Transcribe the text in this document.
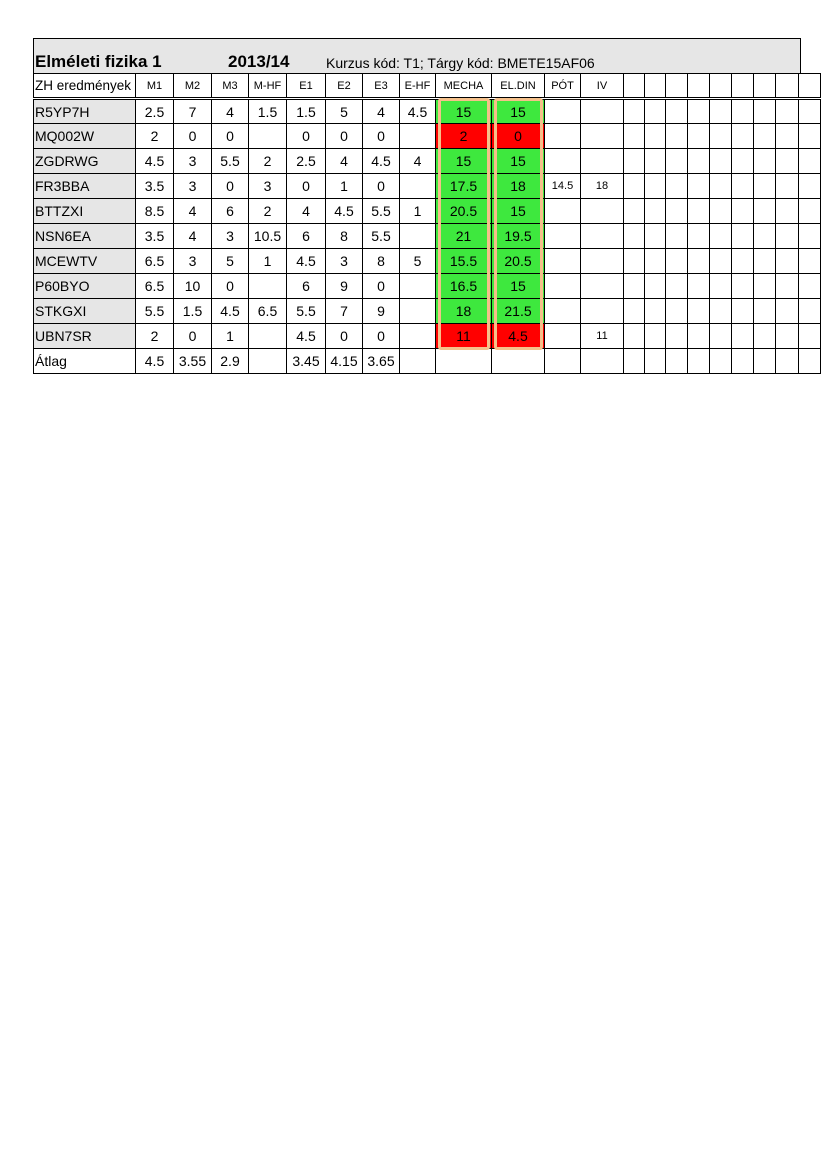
Elméleti fizika 1	2013/14	Kurzus kód: T1; Tárgy kód: BMETE15AF06
ZH eredmények	M1	M2	M3	M-HF	E1	E2	E3	E-HF	MECHA	EL.DIN	PÓT	IV									
R5YP7H	2.5	7	4	1.5	1.5	5	4	4.5	15	15											
MQ002W	2	0	0		0	0	0		2	0											
ZGDRWG	4.5	3	5.5	2	2.5	4	4.5	4	15	15											
FR3BBA	3.5	3	0	3	0	1	0		17.5	18	14.5	18									
BTTZXI	8.5	4	6	2	4	4.5	5.5	1	20.5	15											
NSN6EA	3.5	4	3	10.5	6	8	5.5		21	19.5											
MCEWTV	6.5	3	5	1	4.5	3	8	5	15.5	20.5											
P60BYO	6.5	10	0		6	9	0		16.5	15											
STKGXI	5.5	1.5	4.5	6.5	5.5	7	9		18	21.5											
UBN7SR	2	0	1		4.5	0	0		11	4.5		11									
Átlag	4.5	3.55	2.9		3.45	4.15	3.65														
